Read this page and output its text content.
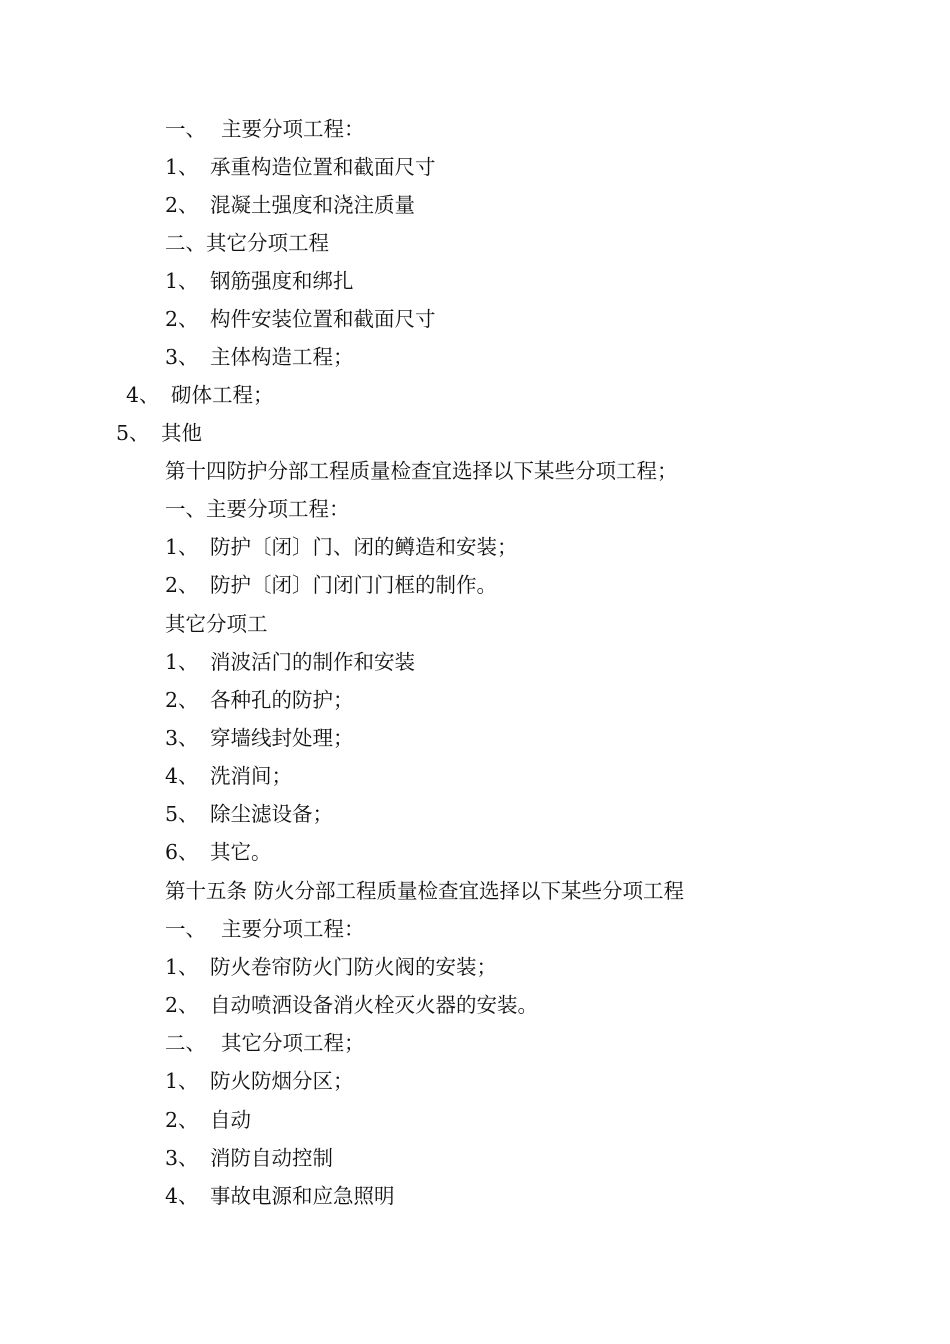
一、 主要分项工程：
1、 承重构造位置和截面尺寸
2、 混凝土强度和浇注质量
二、其它分项工程
1、 钢筋强度和绑扎
2、 构件安装位置和截面尺寸
3、 主体构造工程；
4、 砌体工程；
5、 其他
第十四防护分部工程质量检查宜选择以下某些分项工程；
一、主要分项工程：
1、 防护〔闭〕门、闭的鳟造和安装；
2、 防护〔闭〕门闭门门框的制作。
其它分项工
1、 消波活门的制作和安装
2、 各种孔的防护；
3、 穿墙线封处理；
4、 洗消间；
5、 除尘滤设备；
6、 其它。
第十五条 防火分部工程质量检查宜选择以下某些分项工程
一、 主要分项工程：
1、 防火卷帘防火门防火阀的安装；
2、 自动喷洒设备消火栓灭火器的安装。
二、 其它分项工程；
1、 防火防烟分区；
2、 自动
3、 消防自动控制
4、 事故电源和应急照明
